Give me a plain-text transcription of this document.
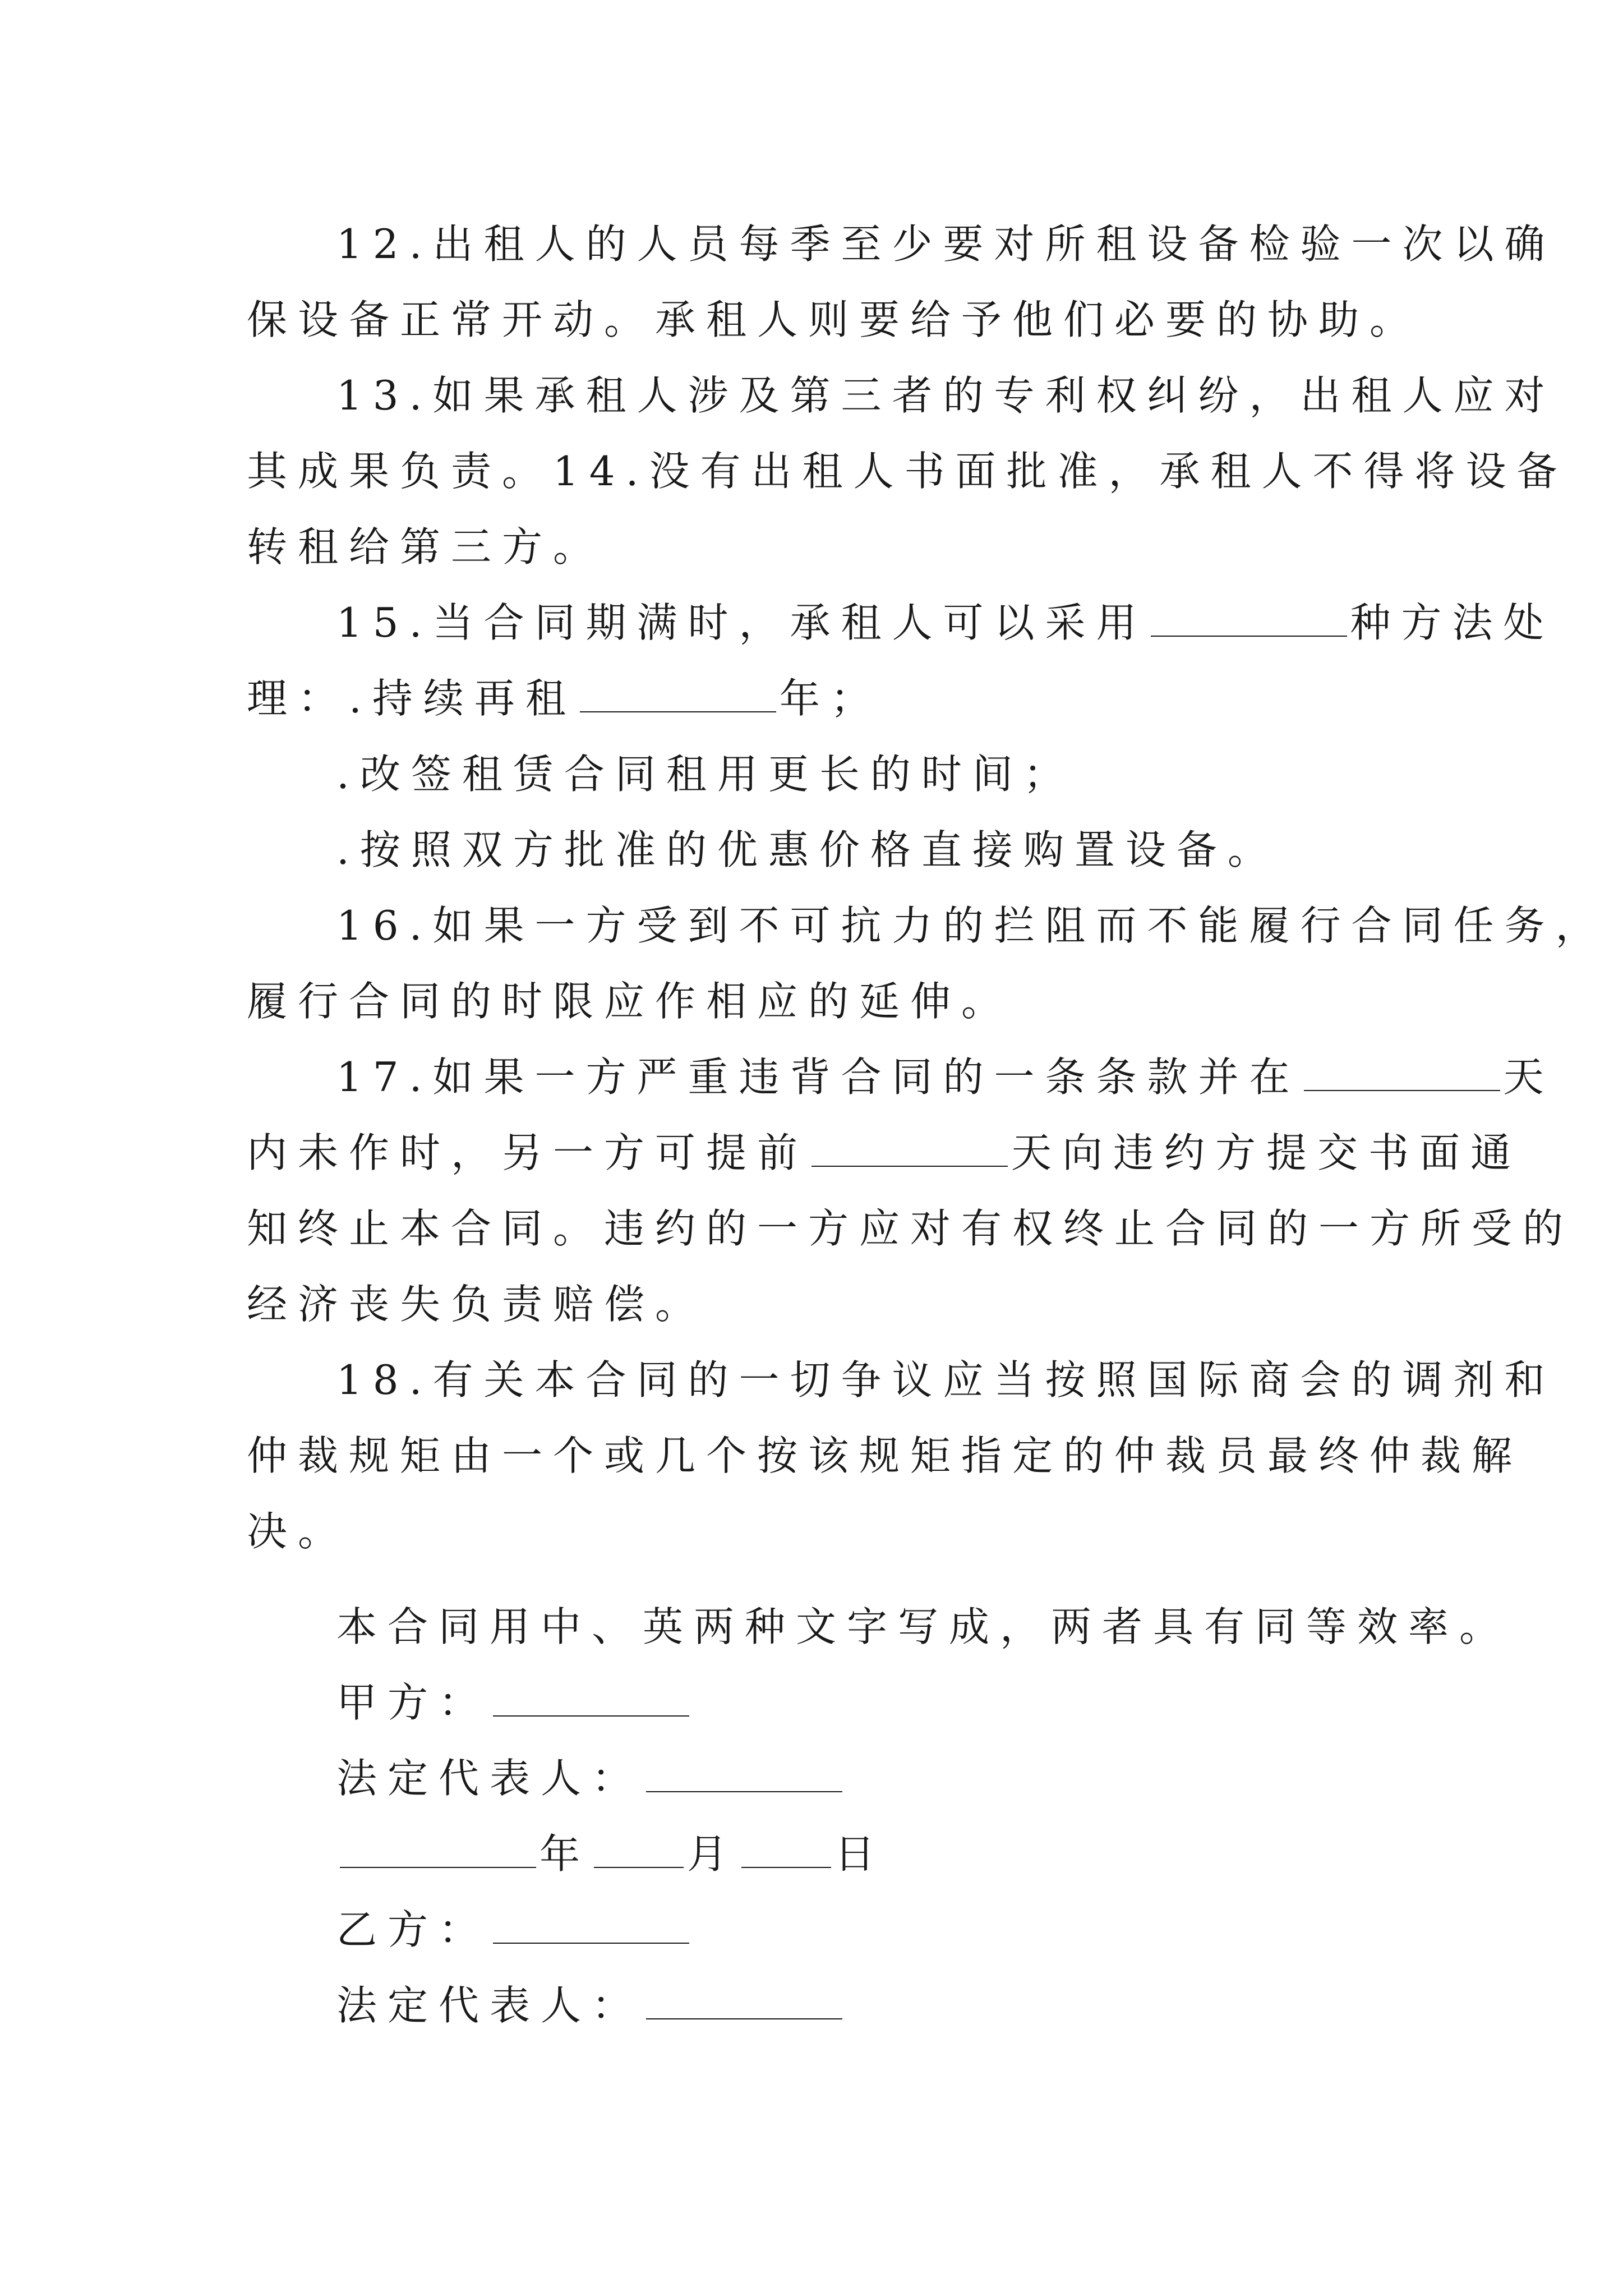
12.出租人的人员每季至少要对所租设备检验一次以确
保设备正常开动。承租人则要给予他们必要的协助。
13.如果承租人涉及第三者的专利权纠纷，出租人应对
其成果负责。14.没有出租人书面批准，承租人不得将设备
转租给第三方。
15.当合同期满时，承租人可以采用	种方法处
理：.持续再租	年；
.改签租赁合同租用更长的时间；
.按照双方批准的优惠价格直接购置设备。
16.如果一方受到不可抗力的拦阻而不能履行合同任务，
履行合同的时限应作相应的延伸。
17.如果一方严重违背合同的一条条款并在	天
内未作时，另一方可提前	天向违约方提交书面通
知终止本合同。违约的一方应对有权终止合同的一方所受的
经济丧失负责赔偿。
18.有关本合同的一切争议应当按照国际商会的调剂和
仲裁规矩由一个或几个按该规矩指定的仲裁员最终仲裁解
决。
本合同用中、英两种文字写成，两者具有同等效率。
甲方：
法定代表人：
年 月 日
乙方：
法定代表人：
